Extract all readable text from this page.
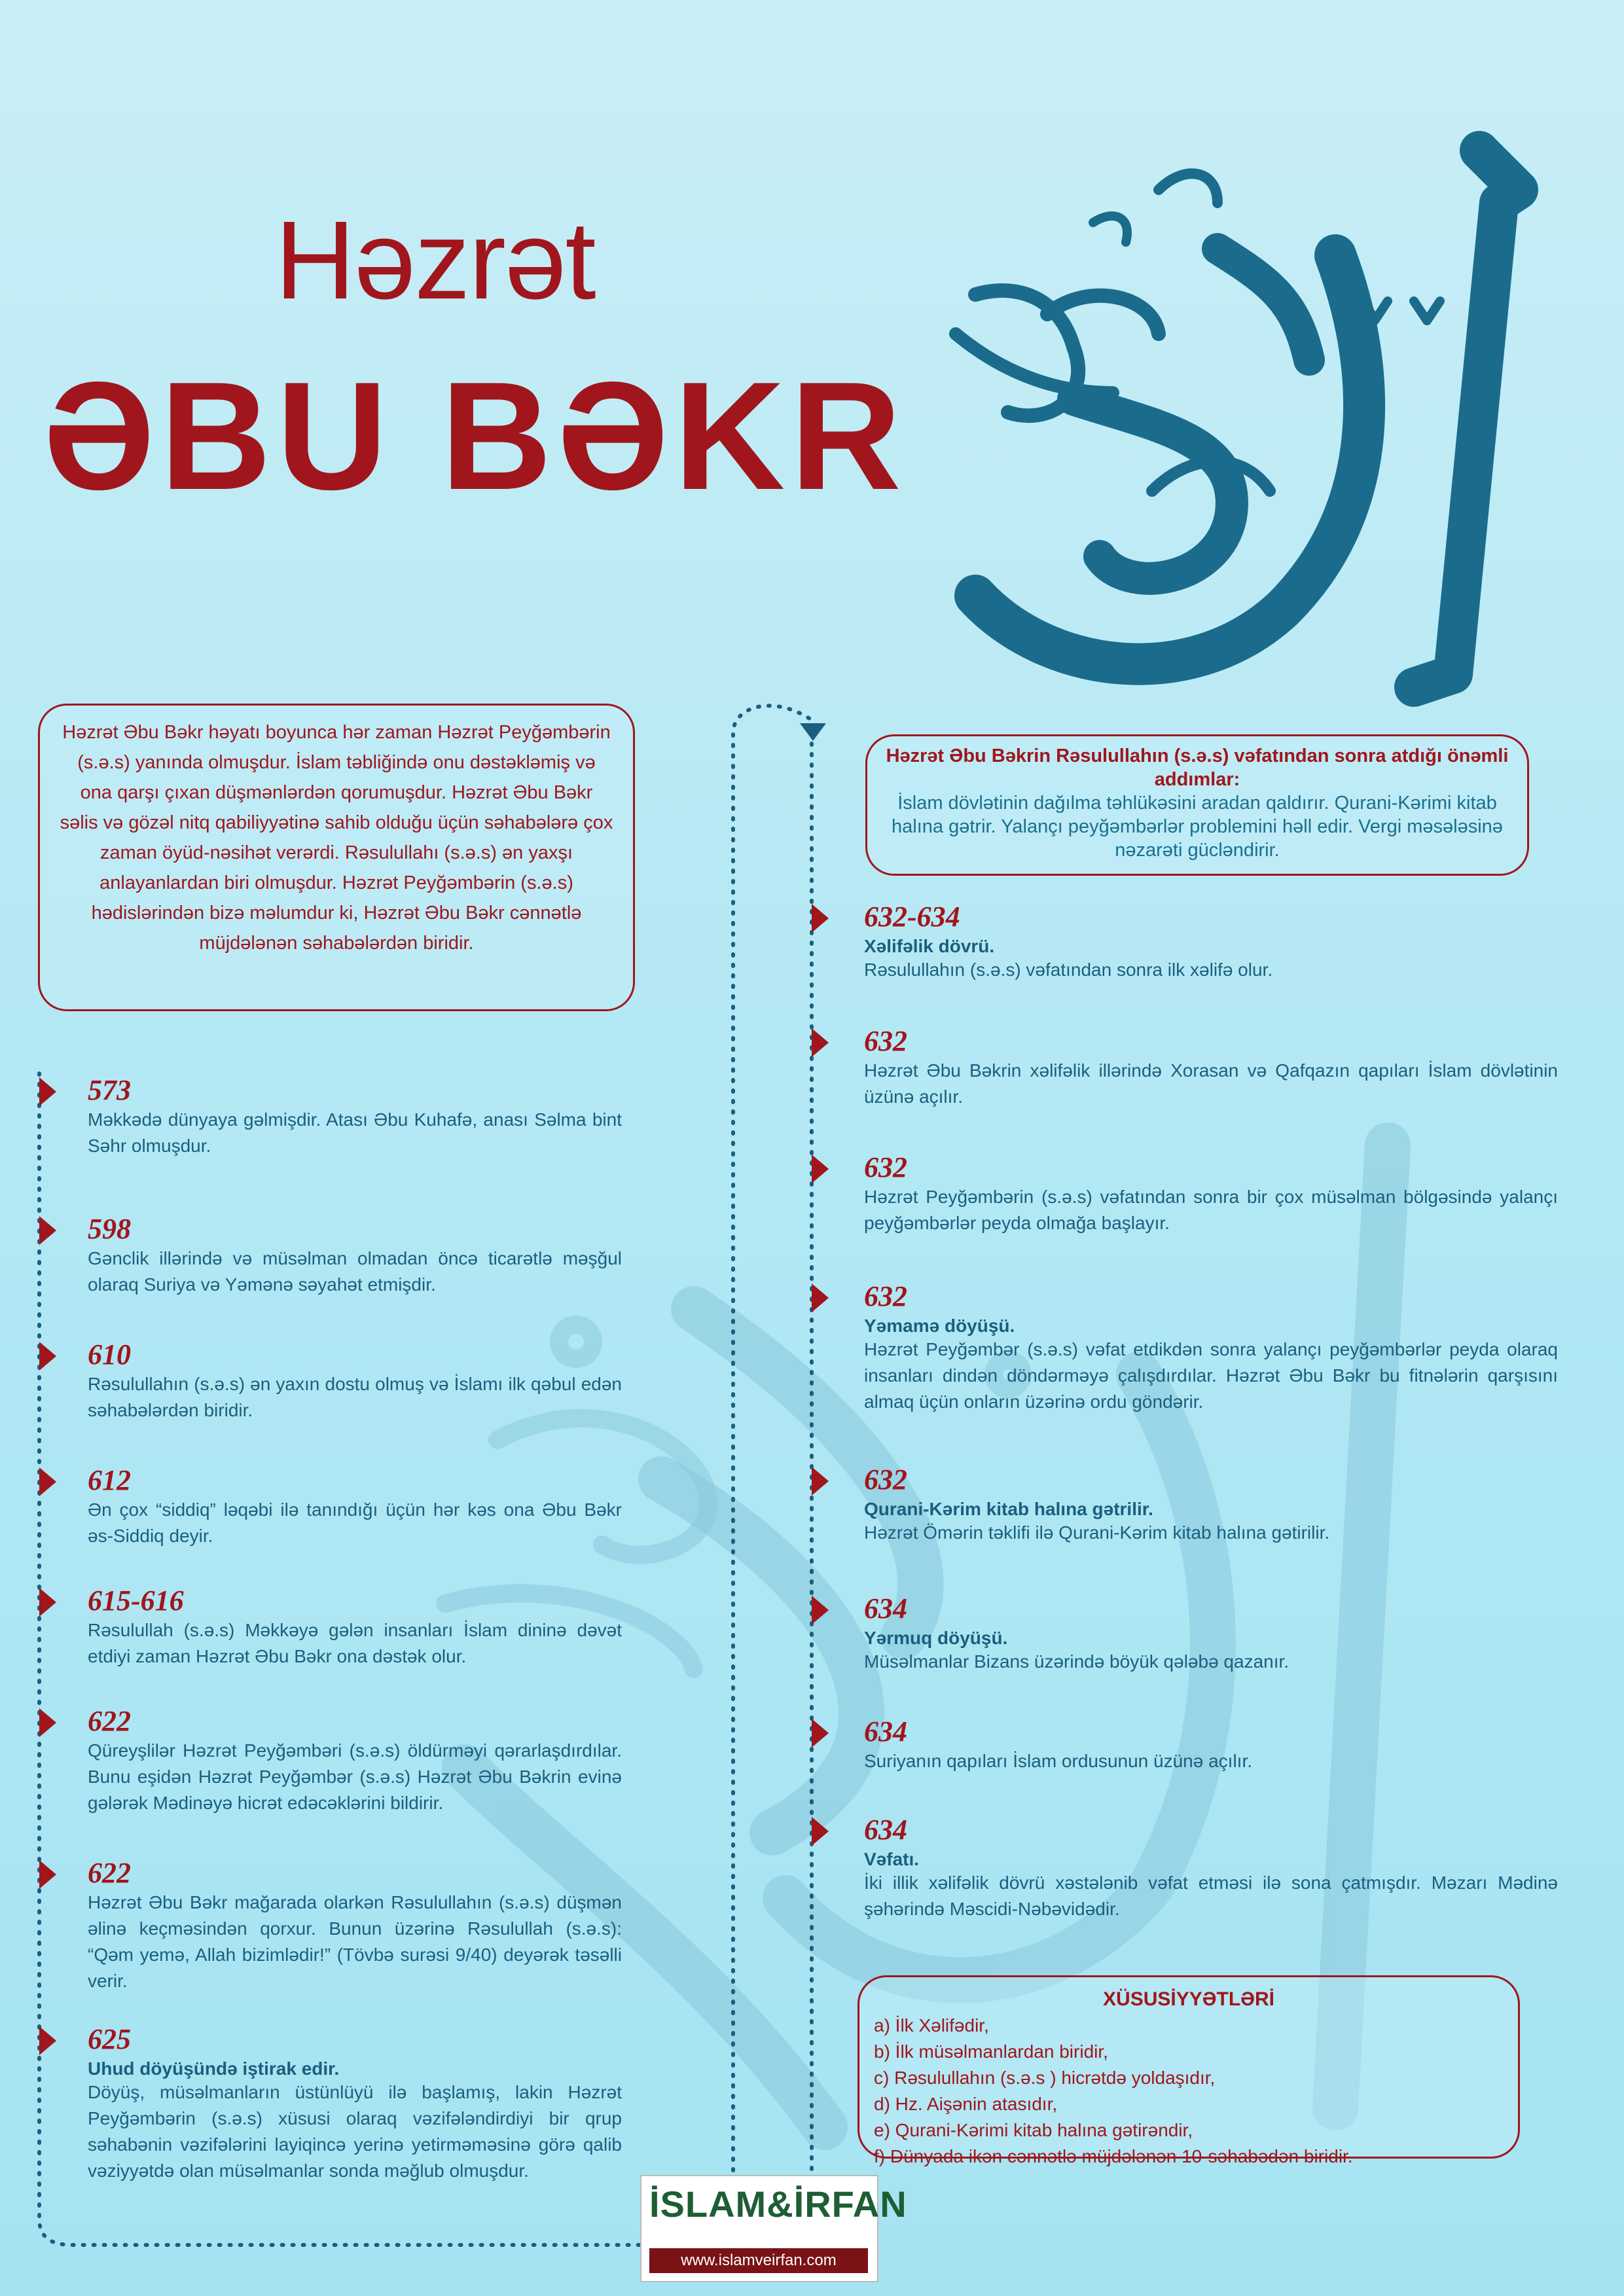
Həzrət
ƏBU BƏKR
Həzrət Əbu Bəkr həyatı boyunca hər zaman Həzrət Peyğəmbərin (s.ə.s) yanında olmuşdur. İslam təbliğində onu dəstəkləmiş və ona qarşı çıxan düşmənlərdən qorumuşdur. Həzrət Əbu Bəkr səlis və gözəl nitq qabiliyyətinə sahib olduğu üçün səhabələrə çox zaman öyüd-nəsihət verərdi. Rəsulullahı (s.ə.s) ən yaxşı anlayanlardan biri olmuşdur. Həzrət Peyğəmbərin (s.ə.s) hədislərindən bizə məlumdur ki, Həzrət Əbu Bəkr cənnətlə müjdələnən səhabələrdən biridir.
Həzrət Əbu Bəkrin Rəsulullahın (s.ə.s) vəfatından sonra atdığı önəmli addımlar:
İslam dövlətinin dağılma təhlükəsini aradan qaldırır. Qurani-Kərimi kitab halına gətrir. Yalançı peyğəmbərlər problemini həll edir. Vergi məsələsinə nəzarəti gücləndirir.
573
Məkkədə dünyaya gəlmişdir. Atası Əbu Kuhafə, anası Səlma bint Səhr olmuşdur.
598
Gənclik illərində və müsəlman olmadan öncə ticarətlə məşğul olaraq Suriya və Yəmənə səyahət etmişdir.
610
Rəsulullahın (s.ə.s) ən yaxın dostu olmuş və İslamı ilk qəbul edən səhabələrdən biridir.
612
Ən çox “siddiq” ləqəbi ilə tanındığı üçün hər kəs ona Əbu Bəkr əs-Siddiq deyir.
615-616
Rəsulullah (s.ə.s) Məkkəyə gələn insanları İslam dininə dəvət etdiyi zaman Həzrət Əbu Bəkr ona dəstək olur.
622
Qüreyşlilər Həzrət Peyğəmbəri (s.ə.s) öldürməyi qərarlaşdırdılar. Bunu eşidən Həzrət Peyğəmbər (s.ə.s) Həzrət Əbu Bəkrin evinə gələrək Mədinəyə hicrət edəcəklərini bildirir.
622
Həzrət Əbu Bəkr mağarada olarkən Rəsulullahın (s.ə.s) düşmən əlinə keçməsindən qorxur. Bunun üzərinə Rəsulullah (s.ə.s): “Qəm yemə, Allah bizimlədir!” (Tövbə surəsi 9/40) deyərək təsəlli verir.
625
Uhud döyüşündə iştirak edir.
Döyüş, müsəlmanların üstünlüyü ilə başlamış, lakin Həzrət Peyğəmbərin (s.ə.s) xüsusi olaraq vəzifələndirdiyi bir qrup səhabənin vəzifələrini layiqincə yerinə yetirməməsinə görə qalib vəziyyətdə olan müsəlmanlar sonda məğlub olmuşdur.
632-634
Xəlifəlik dövrü.
Rəsulullahın (s.ə.s) vəfatından sonra ilk xəlifə olur.
632
Həzrət Əbu Bəkrin xəlifəlik illərində Xorasan və Qafqazın qapıları İslam dövlətinin üzünə açılır.
632
Həzrət Peyğəmbərin (s.ə.s) vəfatından sonra bir çox müsəlman bölgəsində yalançı peyğəmbərlər peyda olmağa başlayır.
632
Yəmamə döyüşü.
Həzrət Peyğəmbər (s.ə.s) vəfat etdikdən sonra yalançı peyğəmbərlər peyda olaraq insanları dindən döndərməyə çalışdırdılar. Həzrət Əbu Bəkr bu fitnələrin qarşısını almaq üçün onların üzərinə ordu göndərir.
632
Qurani-Kərim kitab halına gətrilir.
Həzrət Ömərin təklifi ilə Qurani-Kərim kitab halına gətirilir.
634
Yərmuq döyüşü.
Müsəlmanlar Bizans üzərində böyük qələbə qazanır.
634
Suriyanın qapıları İslam ordusunun üzünə açılır.
634
Vəfatı.
İki illik xəlifəlik dövrü xəstələnib vəfat etməsi ilə sona çatmışdır. Məzarı Mədinə şəhərində Məscidi-Nəbəvidədir.
XÜSUSİYYƏTLƏRİ
a) İlk Xəlifədir,
b) İlk müsəlmanlardan biridir,
c) Rəsulullahın (s.ə.s ) hicrətdə yoldaşıdır,
d) Hz. Aişənin atasıdır,
e) Qurani-Kərimi kitab halına gətirəndir,
f) Dünyada ikən cənnətlə müjdələnən 10-səhabədən biridir.
İSLAM&İRFAN
www.islamveirfan.com
